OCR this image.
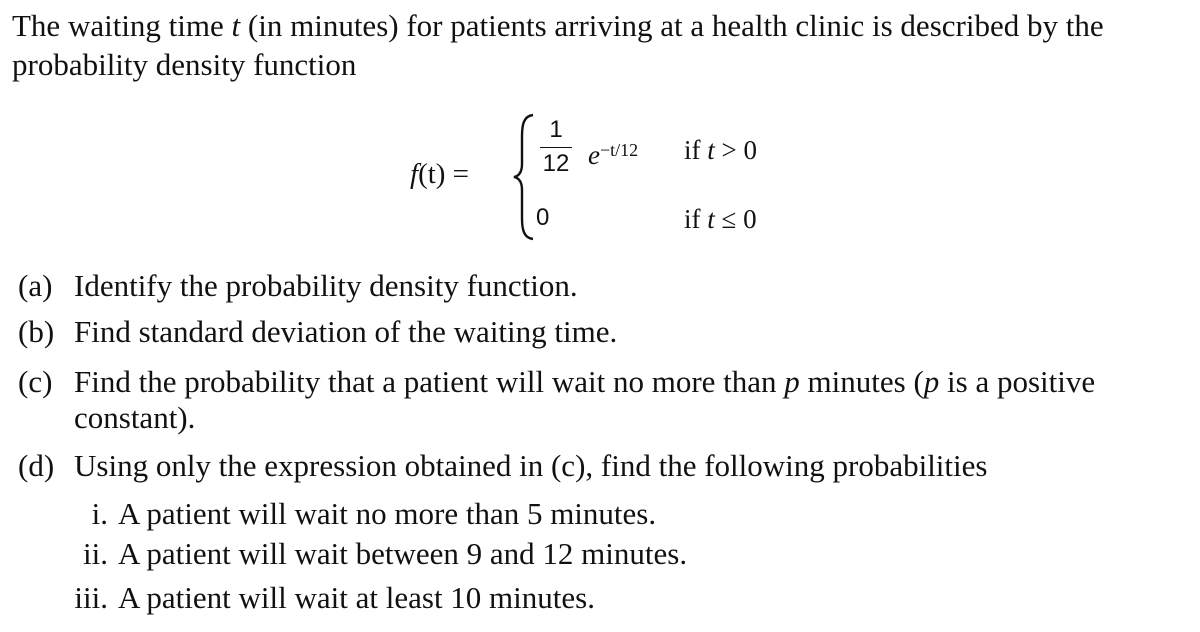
The waiting time t (in minutes) for patients arriving at a health clinic is described by the probability density function
f(t) =
1
12 $e^{-t/12}$ if t > 0
0	if t ≤ 0
(a) Identify the probability density function.
(b) Find standard deviation of the waiting time.
(c) Find the probability that a patient will wait no more than p minutes (p is a positive
constant).
(d) Using only the expression obtained in (c), find the following probabilities
i. A patient will wait no more than 5 minutes.
ii. A patient will wait between 9 and 12 minutes.
iii. A patient will wait at least 10 minutes.
